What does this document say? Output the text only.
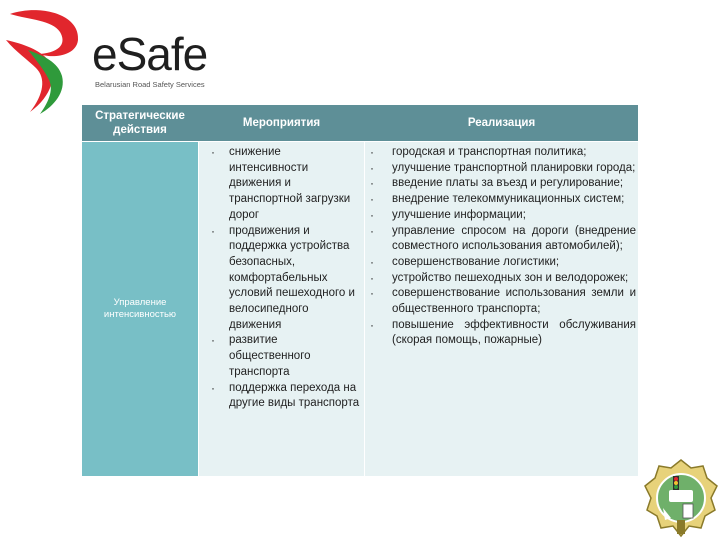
eSafe
Belarusian Road Safety Services
Стратегические действия
Мероприятия	Реализация
Управление интенсивностью
· снижение интенсивности движения и транспортной загрузки дорог
· продвижения и поддержка устройства безопасных, комфортабельных условий пешеходного и велосипедного движения
· развитие общественного транспорта
· поддержка перехода на другие виды транспорта
· городская и транспортная политика;
· улучшение транспортной планировки города;
· введение платы за въезд и регулирование;
· внедрение телекоммуникационных систем;
· улучшение информации;
· управление спросом на дороги (внедрение совместного использования автомобилей);
· совершенствование логистики;
· устройство пешеходных зон и велодорожек;
· совершенствование использования земли и общественного транспорта;
· повышение эффективности обслуживания (скорая помощь, пожарные)
